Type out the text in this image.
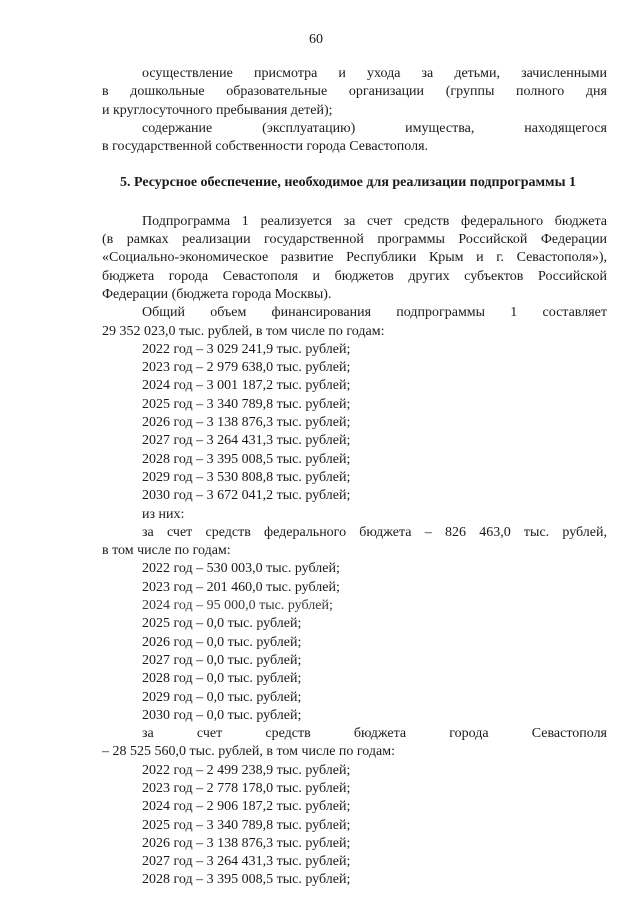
60

осуществление присмотра и ухода за детьми, зачисленными

в дошкольные образовательные организации (группы полного дня

и круглосуточного пребывания детей);

содержание (эксплуатацию) имущества, находящегося

в государственной собственности города Севастополя.

5. Ресурсное обеспечение, необходимое для реализации подпрограммы 1

Подпрограмма 1 реализуется за счет средств федерального бюджета

(в рамках реализации государственной программы Российской Федерации

«Социально-экономическое развитие Республики Крым и г. Севастополя»),

бюджета города Севастополя и бюджетов других субъектов Российской

Федерации (бюджета города Москвы).

Общий объем финансирования подпрограммы 1 составляет

29 352 023,0 тыс. рублей, в том числе по годам:

2022 год – 3 029 241,9 тыс. рублей;

2023 год – 2 979 638,0 тыс. рублей;

2024 год – 3 001 187,2 тыс. рублей;

2025 год – 3 340 789,8 тыс. рублей;

2026 год – 3 138 876,3 тыс. рублей;

2027 год – 3 264 431,3 тыс. рублей;

2028 год – 3 395 008,5 тыс. рублей;

2029 год – 3 530 808,8 тыс. рублей;

2030 год – 3 672 041,2 тыс. рублей;

из них:

за счет средств федерального бюджета – 826 463,0 тыс. рублей,

в том числе по годам:

2022 год – 530 003,0 тыс. рублей;

2023 год – 201 460,0 тыс. рублей;

2024 год – 95 000,0 тыс. рублей;

2025 год – 0,0 тыс. рублей;

2026 год – 0,0 тыс. рублей;

2027 год – 0,0 тыс. рублей;

2028 год – 0,0 тыс. рублей;

2029 год – 0,0 тыс. рублей;

2030 год – 0,0 тыс. рублей;

за счет средств бюджета города Севастополя

– 28 525 560,0 тыс. рублей, в том числе по годам:

2022 год – 2 499 238,9 тыс. рублей;

2023 год – 2 778 178,0 тыс. рублей;

2024 год – 2 906 187,2 тыс. рублей;

2025 год – 3 340 789,8 тыс. рублей;

2026 год – 3 138 876,3 тыс. рублей;

2027 год – 3 264 431,3 тыс. рублей;

2028 год – 3 395 008,5 тыс. рублей;
